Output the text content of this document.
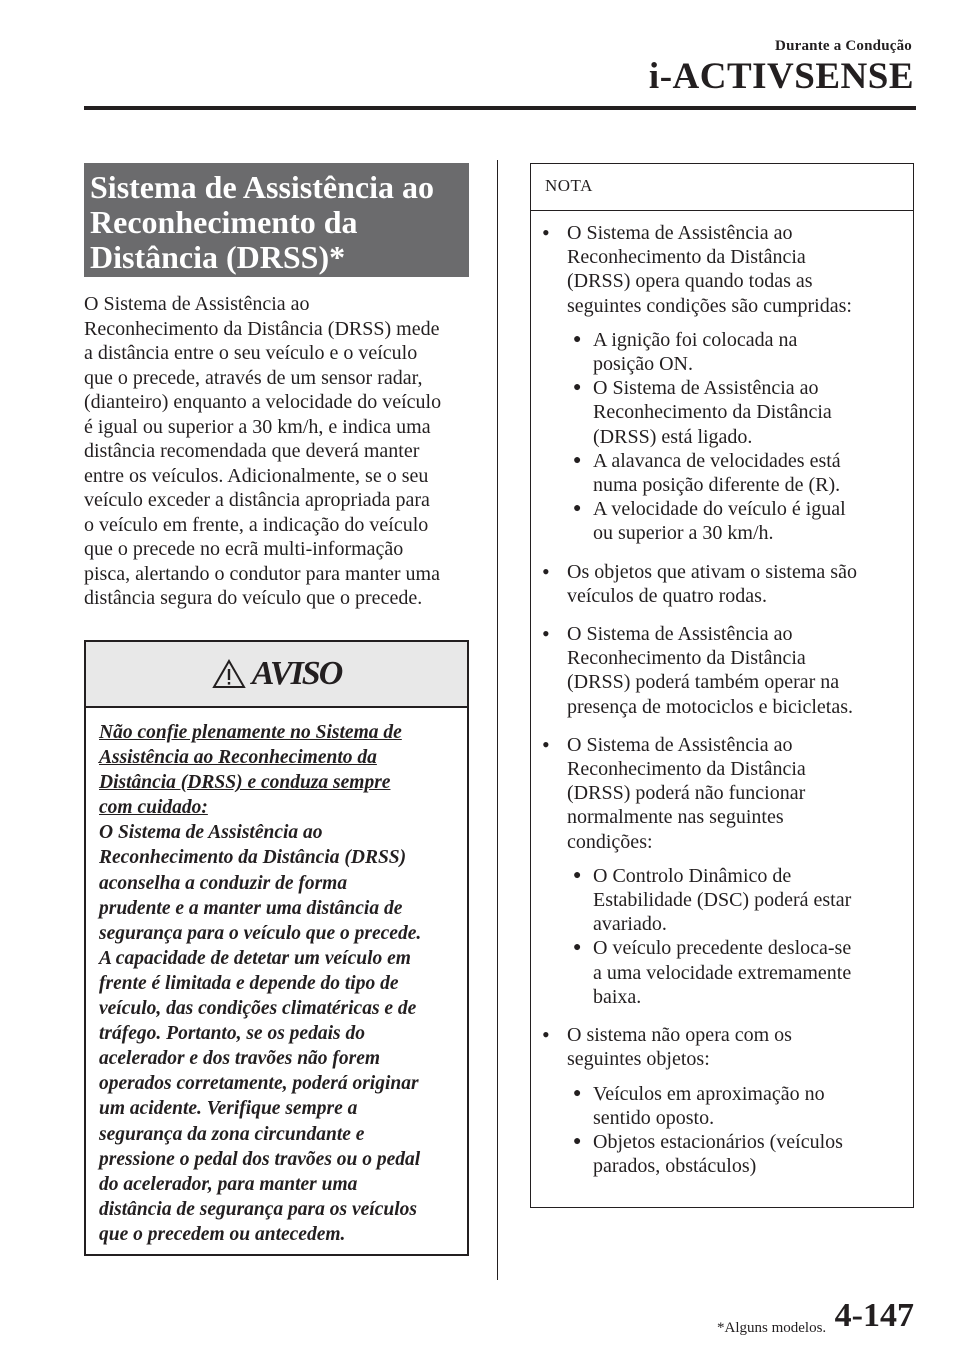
Durante a Condução
i-ACTIVSENSE
Sistema de Assistência ao
Reconhecimento da
Distância (DRSS)*
O Sistema de Assistência ao
Reconhecimento da Distância (DRSS) mede
a distância entre o seu veículo e o veículo
que o precede, através de um sensor radar,
(dianteiro) enquanto a velocidade do veículo
é igual ou superior a 30 km/h, e indica uma
distância recomendada que deverá manter
entre os veículos. Adicionalmente, se o seu
veículo exceder a distância apropriada para
o veículo em frente, a indicação do veículo
que o precede no ecrã multi-informação
pisca, alertando o condutor para manter uma
distância segura do veículo que o precede.
AVISO
Não confie plenamente no Sistema de
Assistência ao Reconhecimento da
Distância (DRSS) e conduza sempre
com cuidado:
O Sistema de Assistência ao
Reconhecimento da Distância (DRSS)
aconselha a conduzir de forma
prudente e a manter uma distância de
segurança para o veículo que o precede.
A capacidade de detetar um veículo em
frente é limitada e depende do tipo de
veículo, das condições climatéricas e de
tráfego. Portanto, se os pedais do
acelerador e dos travões não forem
operados corretamente, poderá originar
um acidente. Verifique sempre a
segurança da zona circundante e
pressione o pedal dos travões ou o pedal
do acelerador, para manter uma
distância de segurança para os veículos
que o precedem ou antecedem.
NOTA
• O Sistema de Assistência ao
Reconhecimento da Distância
(DRSS) opera quando todas as
seguintes condições são cumpridas:
● A ignição foi colocada na
posição ON.
● O Sistema de Assistência ao
Reconhecimento da Distância
(DRSS) está ligado.
● A alavanca de velocidades está
numa posição diferente de (R).
● A velocidade do veículo é igual
ou superior a 30 km/h.
• Os objetos que ativam o sistema são
veículos de quatro rodas.
• O Sistema de Assistência ao
Reconhecimento da Distância
(DRSS) poderá também operar na
presença de motociclos e bicicletas.
• O Sistema de Assistência ao
Reconhecimento da Distância
(DRSS) poderá não funcionar
normalmente nas seguintes
condições:
● O Controlo Dinâmico de
Estabilidade (DSC) poderá estar
avariado.
● O veículo precedente desloca-se
a uma velocidade extremamente
baixa.
• O sistema não opera com os
seguintes objetos:
● Veículos em aproximação no
sentido oposto.
● Objetos estacionários (veículos
parados, obstáculos)
*Alguns modelos. 4-147
